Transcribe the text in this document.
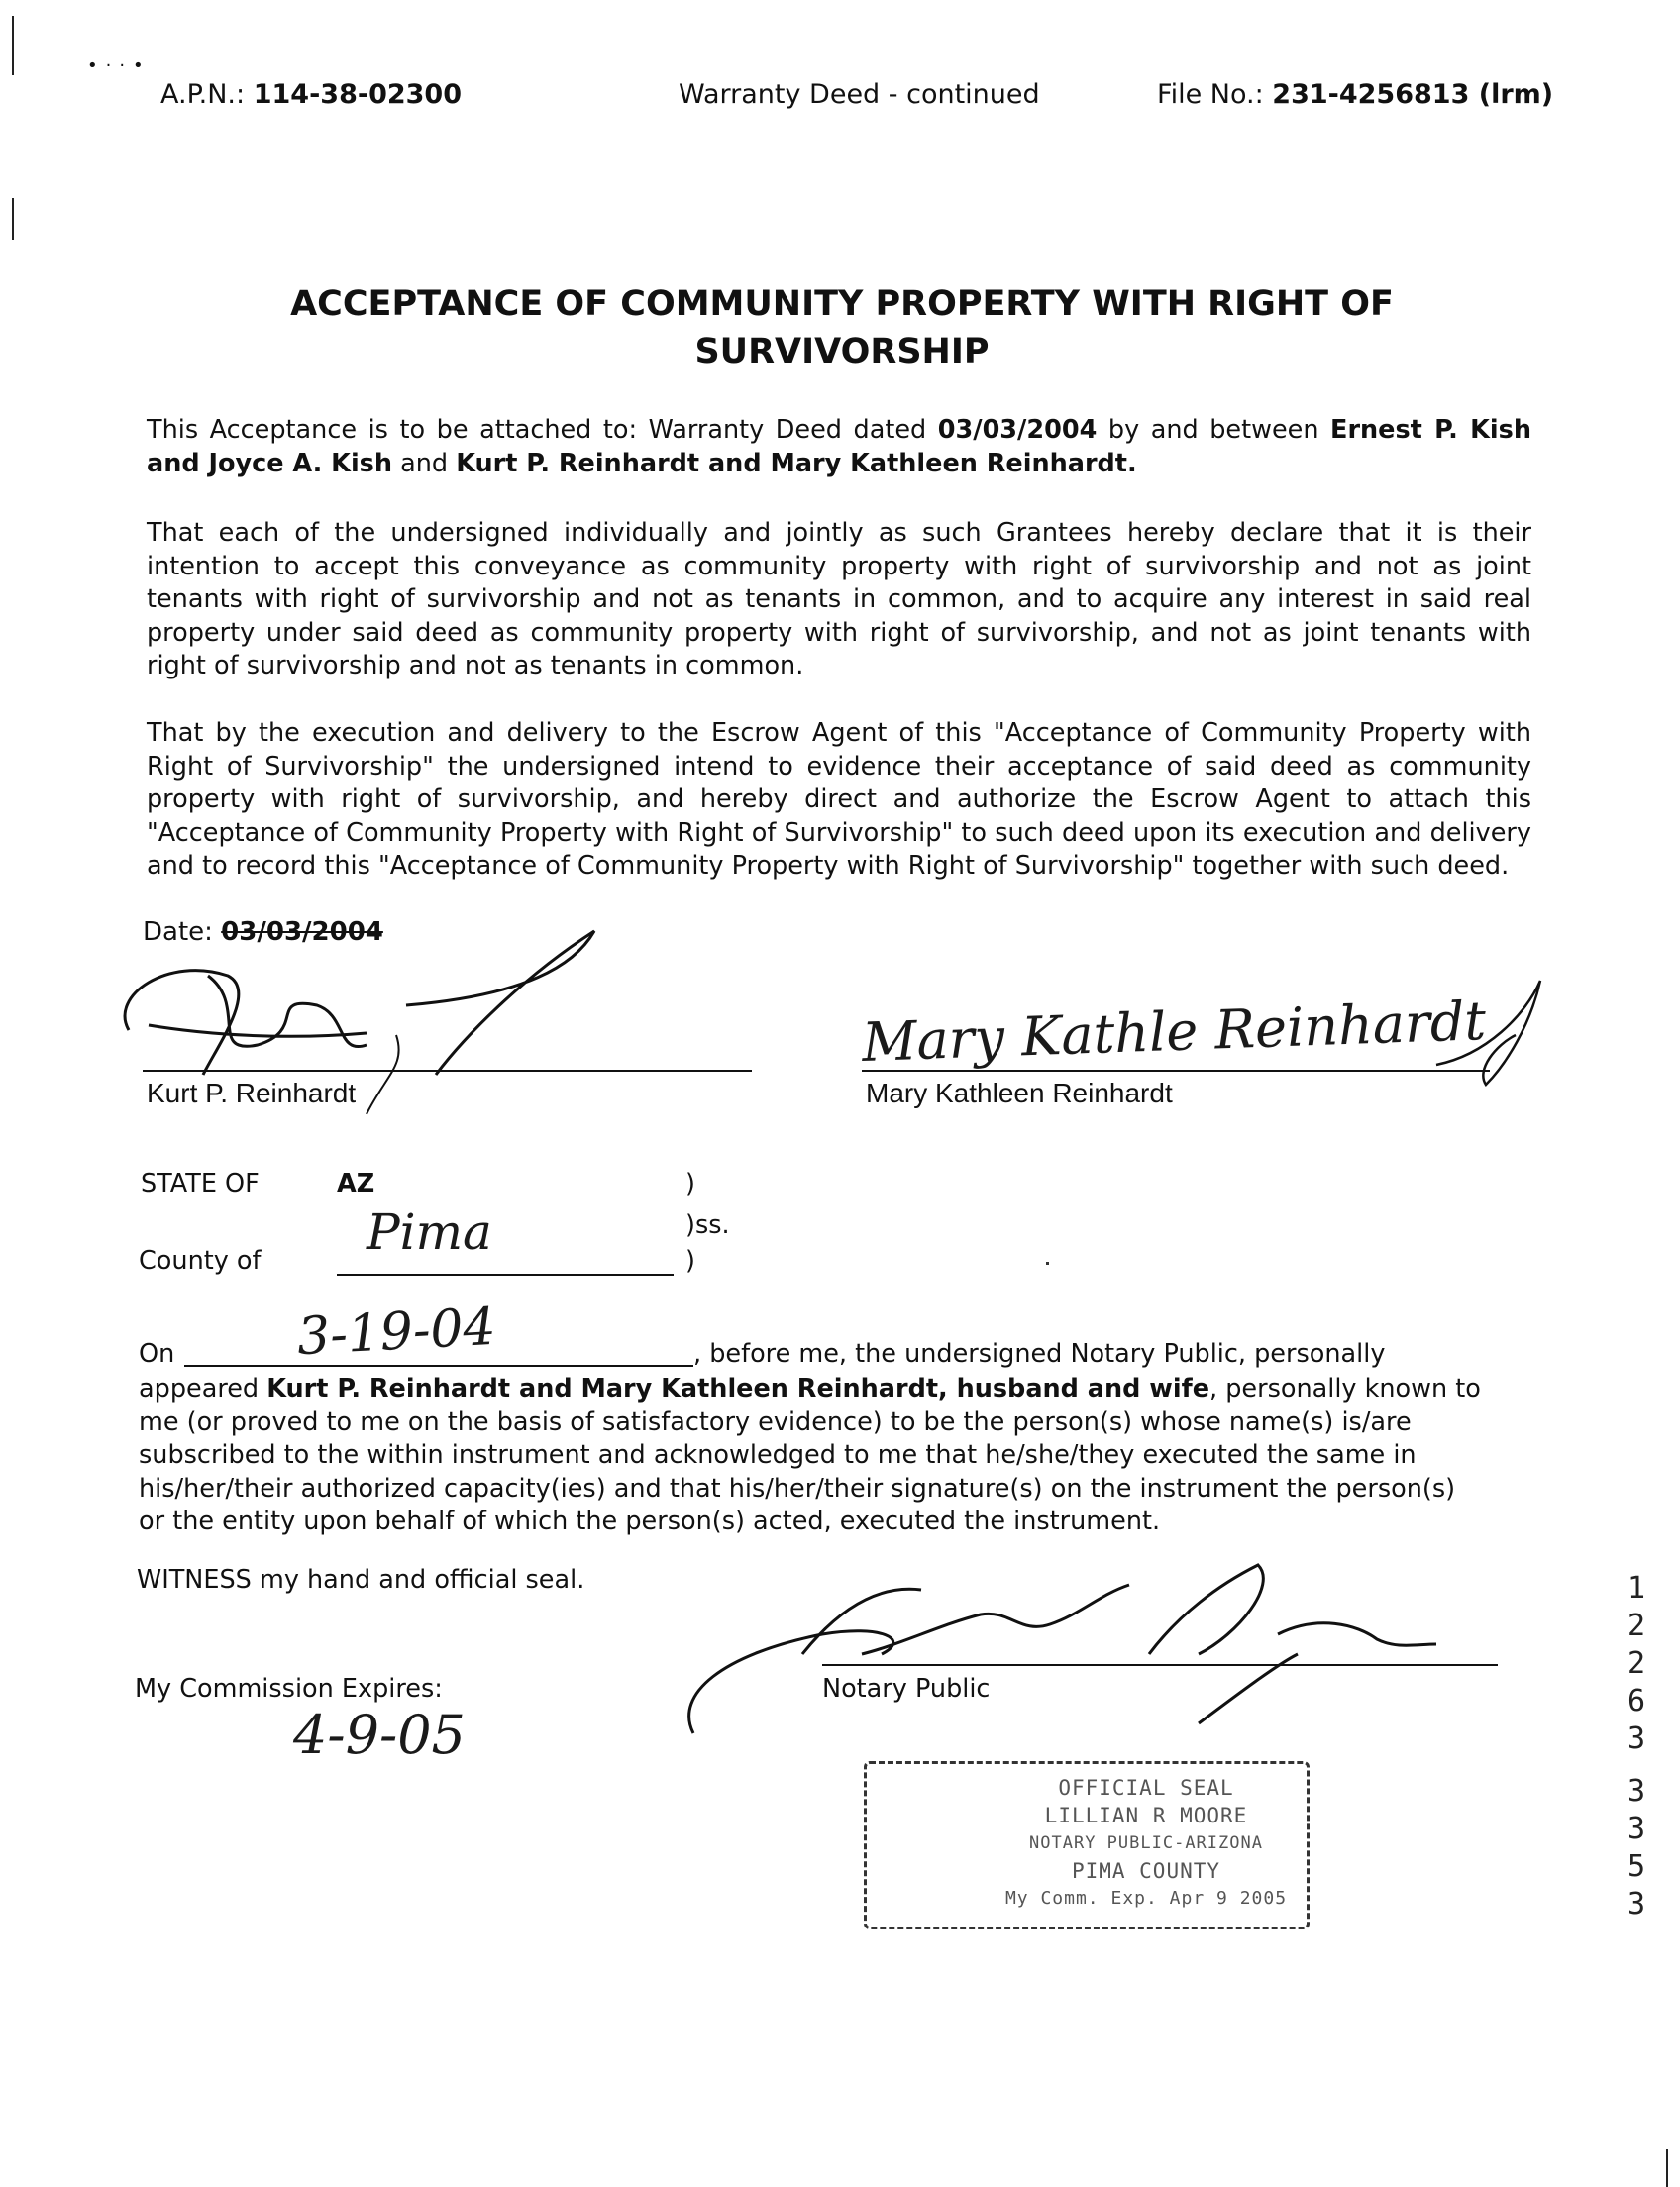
•··•
A.P.N.: 114-38-02300	Warranty Deed - continued	File No.: 231-4256813 (lrm)
ACCEPTANCE OF COMMUNITY PROPERTY WITH RIGHT OF
SURVIVORSHIP

This Acceptance is to be attached to: Warranty Deed dated 03/03/2004 by and between Ernest P. Kish and Joyce A. Kish and Kurt P. Reinhardt and Mary Kathleen Reinhardt.

That each of the undersigned individually and jointly as such Grantees hereby declare that it is their intention to accept this conveyance as community property with right of survivorship and not as joint tenants with right of survivorship and not as tenants in common, and to acquire any interest in said real property under said deed as community property with right of survivorship, and not as joint tenants with right of survivorship and not as tenants in common.

That by the execution and delivery to the Escrow Agent of this "Acceptance of Community Property with Right of Survivorship" the undersigned intend to evidence their acceptance of said deed as community property with right of survivorship, and hereby direct and authorize the Escrow Agent to attach this "Acceptance of Community Property with Right of Survivorship" to such deed upon its execution and delivery and to record this "Acceptance of Community Property with Right of Survivorship" together with such deed.

Date: 03/03/2004
Kurt P. Reinhardt
Mary Kathle Reinhardt
Mary Kathleen Reinhardt
STATE OF	AZ	)
)ss.
County of Pima	)
On 3-19-04	, before me, the undersigned Notary Public, personally

appeared Kurt P. Reinhardt and Mary Kathleen Reinhardt, husband and wife, personally known to me (or proved to me on the basis of satisfactory evidence) to be the person(s) whose name(s) is/are subscribed to the within instrument and acknowledged to me that he/she/they executed the same in his/her/their authorized capacity(ies) and that his/her/their signature(s) on the instrument the person(s) or the entity upon behalf of which the person(s) acted, executed the instrument.

WITNESS my hand and official seal.
Notary Public
My Commission Expires:
4-9-05
OFFICIAL SEAL
LILLIAN R MOORE
NOTARY PUBLIC-ARIZONA
PIMA COUNTY
My Comm. Exp. Apr 9 2005
12263
3353
